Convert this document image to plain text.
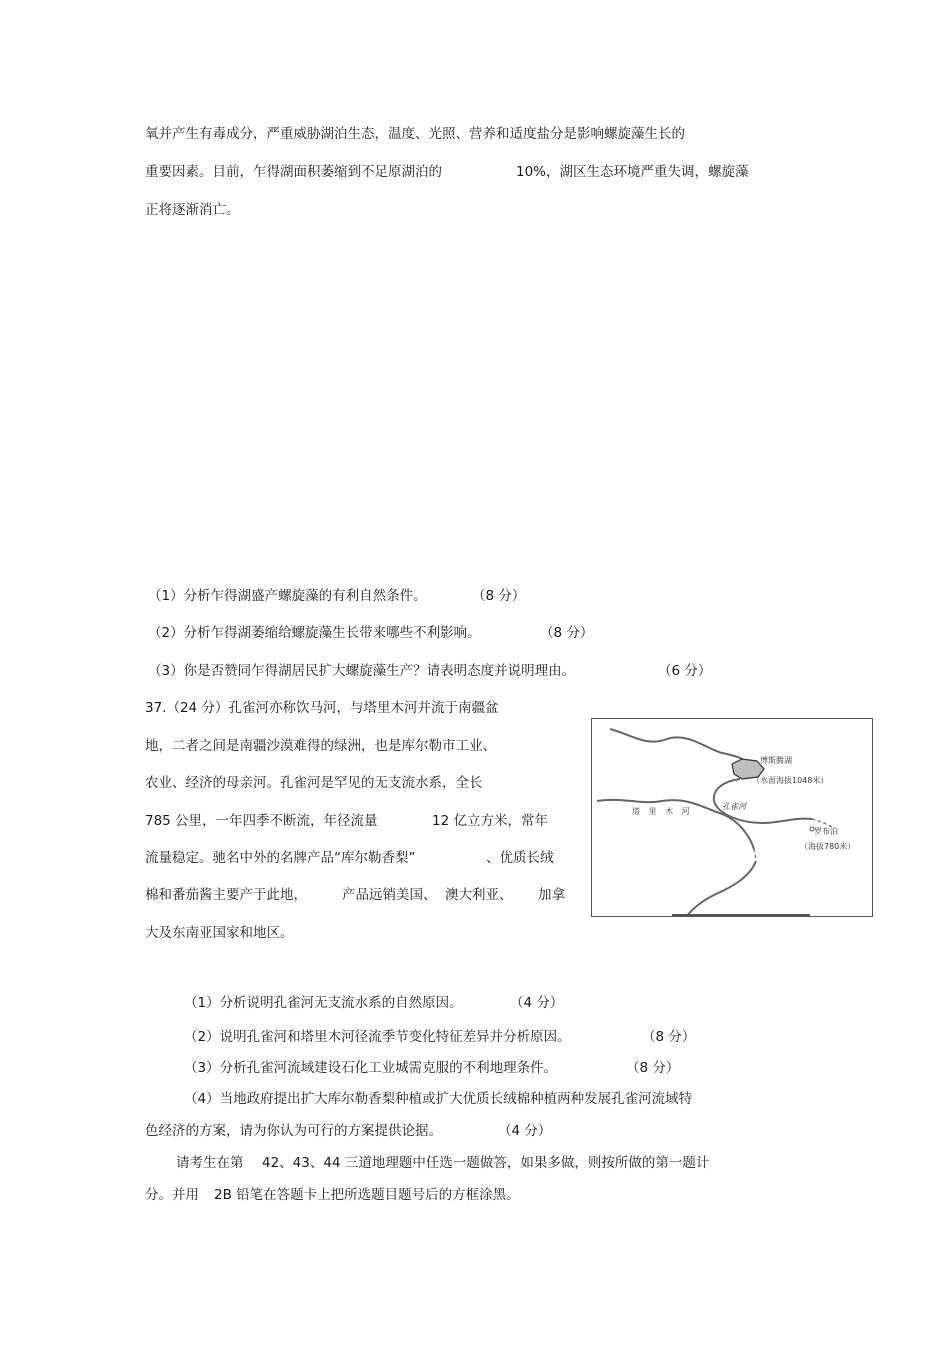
氧并产生有毒成分，严重威胁湖泊生态，温度、光照、营养和适度盐分是影响螺旋藻生长的
重要因素。目前，乍得湖面积萎缩到不足原湖泊的	10%，湖区生态环境严重失调，螺旋藻
正将逐渐消亡。
（1）分析乍得湖盛产螺旋藻的有利自然条件。	（8 分）
（2）分析乍得湖萎缩给螺旋藻生长带来哪些不利影响。	（8 分）
（3）你是否赞同乍得湖居民扩大螺旋藻生产？请表明态度并说明理由。	（6 分）
37.（24 分）孔雀河亦称饮马河，与塔里木河并流于南疆盆
地，二者之间是南疆沙漠难得的绿洲，也是库尔勒市工业、
农业、经济的母亲河。孔雀河是罕见的无支流水系，全长
785 公里，一年四季不断流，年径流量	12 亿立方米，常年
流量稳定。驰名中外的名牌产品“库尔勒香梨”	、优质长绒
棉和番茄酱主要产于此地，	产品远销美国、 澳大利亚、 加拿
大及东南亚国家和地区。
博斯腾湖
（水面海拔1048米）
罗布泊
（海拔780米）
孔雀河
塔 里 木 河
（1）分析说明孔雀河无支流水系的自然原因。	（4 分）
（2）说明孔雀河和塔里木河径流季节变化特征差异并分析原因。	（8 分）
（3）分析孔雀河流域建设石化工业城需克服的不利地理条件。	（8 分）
（4）当地政府提出扩大库尔勒香梨种植或扩大优质长绒棉种植两种发展孔雀河流域特
色经济的方案，请为你认为可行的方案提供论据。	（4 分）
请考生在第 42、43、44 三道地理题中任选一题做答，如果多做，则按所做的第一题计
分。并用 2B 铅笔在答题卡上把所选题目题号后的方框涂黑。
